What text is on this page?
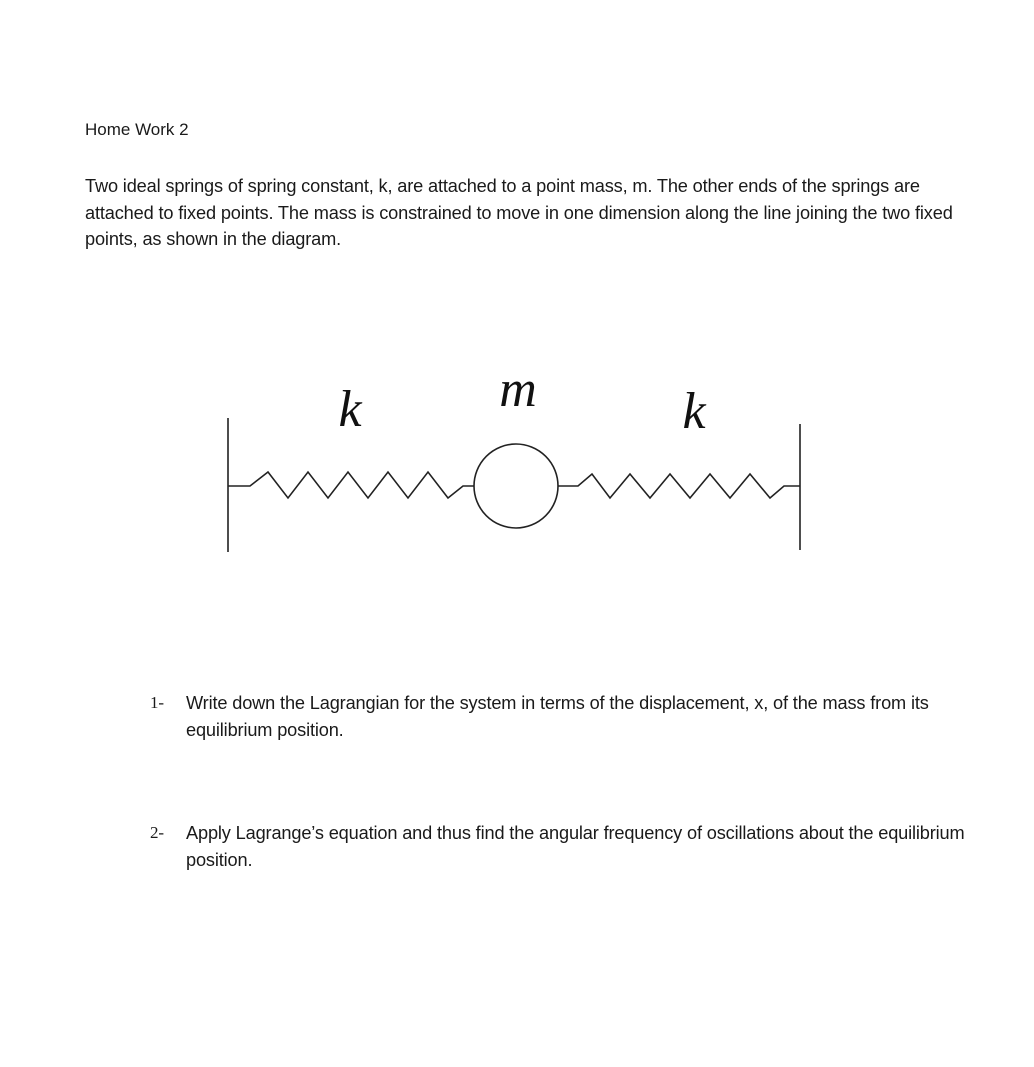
Home Work 2

Two ideal springs of spring constant, k, are attached to a point mass, m. The other ends of the springs are attached to fixed points. The mass is constrained to move in one dimension along the line joining the two fixed points, as shown in the diagram.

k	m	k
1-	Write down the Lagrangian for the system in terms of the displacement, x, of the mass from its equilibrium position.
2-	Apply Lagrange’s equation and thus find the angular frequency of oscillations about the equilibrium position.
